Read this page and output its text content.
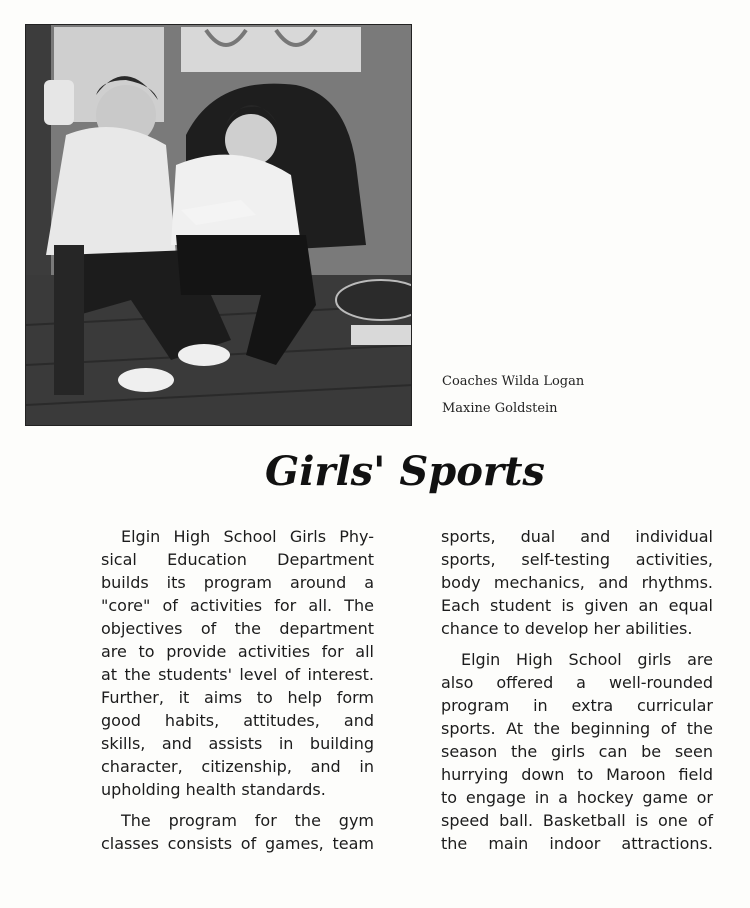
Coaches Wilda Logan
Maxine Goldstein
Girls' Sports
Elgin High School Girls Phy-
sical Education Department
builds its program around a
"core" of activities for all. The
objectives of the department
are to provide activities for all
at the students' level of interest.
Further, it aims to help form
good habits, attitudes, and
skills, and assists in building
character, citizenship, and in
upholding health standards.
The program for the gym
classes consists of games, team
sports, dual and individual
sports, self-testing activities,
body mechanics, and rhythms.
Each student is given an equal
chance to develop her abilities.
Elgin High School girls are
also offered a well-rounded
program in extra curricular
sports. At the beginning of the
season the girls can be seen
hurrying down to Maroon field
to engage in a hockey game or
speed ball. Basketball is one of
the main indoor attractions.
